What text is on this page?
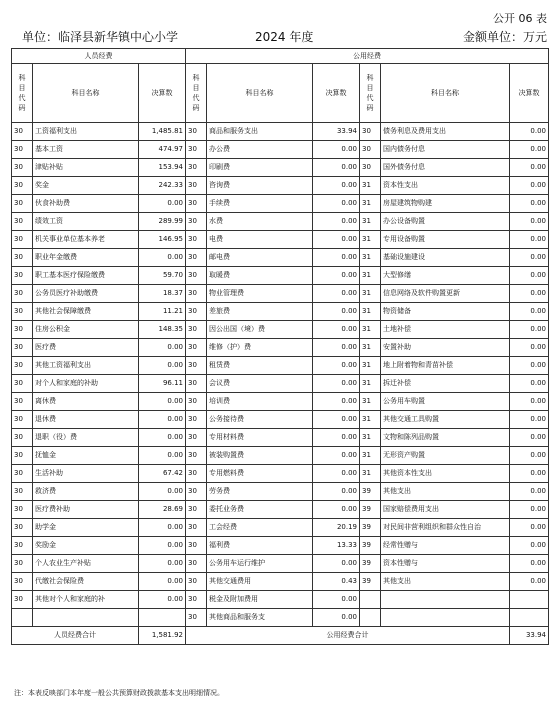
公开 06 表
单位：临泽县新华镇中心小学	2024 年度	金额单位：万元
人员经费			公用经费					

科
目
代
码	科目名称	决算数	科
目
代
码	科目名称	决算数	科
目
代
码	科目名称	决算数
30	工资福利支出	1,485.81	30	商品和服务支出	33.94	30	债务利息及费用支出	0.00
30	基本工资	474.97	30	办公费	0.00	30	国内债务付息	0.00
30	津贴补贴	153.94	30	印刷费	0.00	30	国外债务付息	0.00
30	奖金	242.33	30	咨询费	0.00	31	资本性支出	0.00
30	伙食补助费	0.00	30	手续费	0.00	31	房屋建筑物购建	0.00
30	绩效工资	289.99	30	水费	0.00	31	办公设备购置	0.00
30	机关事业单位基本养老	146.95	30	电费	0.00	31	专用设备购置	0.00
30	职业年金缴费	0.00	30	邮电费	0.00	31	基础设施建设	0.00
30	职工基本医疗保险缴费	59.70	30	取暖费	0.00	31	大型修缮	0.00
30	公务员医疗补助缴费	18.37	30	物业管理费	0.00	31	信息网络及软件购置更新	0.00
30	其他社会保障缴费	11.21	30	差旅费	0.00	31	物资储备	0.00
30	住房公积金	148.35	30	因公出国（境）费	0.00	31	土地补偿	0.00
30	医疗费	0.00	30	维修（护）费	0.00	31	安置补助	0.00
30	其他工资福利支出	0.00	30	租赁费	0.00	31	地上附着物和青苗补偿	0.00
30	对个人和家庭的补助	96.11	30	会议费	0.00	31	拆迁补偿	0.00
30	离休费	0.00	30	培训费	0.00	31	公务用车购置	0.00
30	退休费	0.00	30	公务接待费	0.00	31	其他交通工具购置	0.00
30	退职（役）费	0.00	30	专用材料费	0.00	31	文物和陈列品购置	0.00
30	抚恤金	0.00	30	被装购置费	0.00	31	无形资产购置	0.00
30	生活补助	67.42	30	专用燃料费	0.00	31	其他资本性支出	0.00
30	救济费	0.00	30	劳务费	0.00	39	其他支出	0.00
30	医疗费补助	28.69	30	委托业务费	0.00	39	国家赔偿费用支出	0.00
30	助学金	0.00	30	工会经费	20.19	39	对民间非营利组织和群众性自治	0.00
30	奖励金	0.00	30	福利费	13.33	39	经常性赠与	0.00
30	个人农业生产补贴	0.00	30	公务用车运行维护	0.00	39	资本性赠与	0.00
30	代缴社会保险费	0.00	30	其他交通费用	0.43	39	其他支出	0.00
30	其他对个人和家庭的补	0.00	30	税金及附加费用	0.00			
			30	其他商品和服务支	0.00			
人员经费合计		1,581.92	公用经费合计					33.94
注：本表反映部门本年度一般公共预算财政拨款基本支出明细情况。
